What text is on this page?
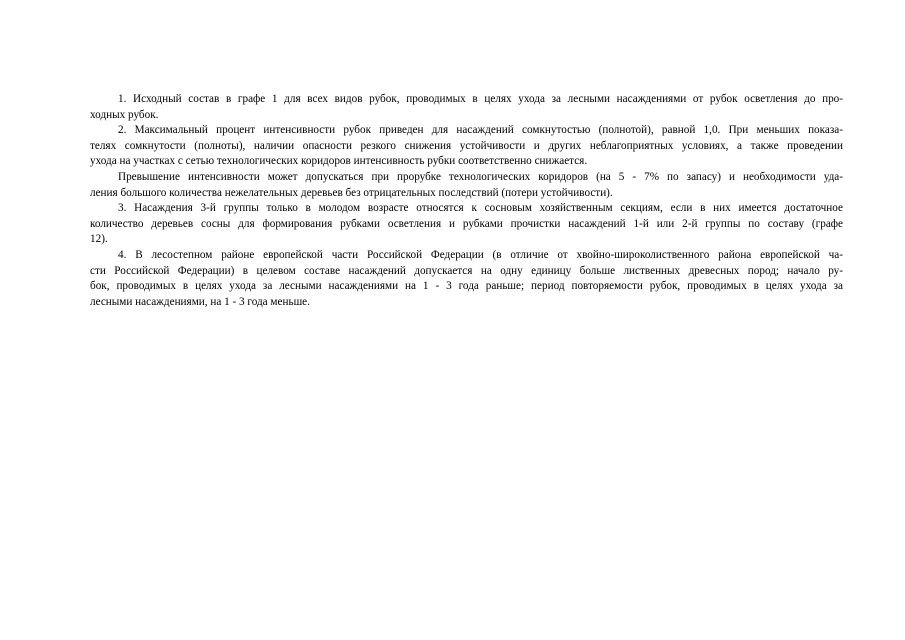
1. Исходный состав в графе 1 для всех видов рубок, проводимых в целях ухода за лесными насаждениями от рубок осветления до про-
ходных рубок.
2. Максимальный процент интенсивности рубок приведен для насаждений сомкнутостью (полнотой), равной 1,0. При меньших показа-
телях сомкнутости (полноты), наличии опасности резкого снижения устойчивости и других неблагоприятных условиях, а также проведении
ухода на участках с сетью технологических коридоров интенсивность рубки соответственно снижается.
Превышение интенсивности может допускаться при прорубке технологических коридоров (на 5 - 7% по запасу) и необходимости уда-
ления большого количества нежелательных деревьев без отрицательных последствий (потери устойчивости).
3. Насаждения 3-й группы только в молодом возрасте относятся к сосновым хозяйственным секциям, если в них имеется достаточное
количество деревьев сосны для формирования рубками осветления и рубками прочистки насаждений 1-й или 2-й группы по составу (графе
12).
4. В лесостепном районе европейской части Российской Федерации (в отличие от хвойно-широколиственного района европейской ча-
сти Российской Федерации) в целевом составе насаждений допускается на одну единицу больше лиственных древесных пород; начало ру-
бок, проводимых в целях ухода за лесными насаждениями на 1 - 3 года раньше; период повторяемости рубок, проводимых в целях ухода за
лесными насаждениями, на 1 - 3 года меньше.
